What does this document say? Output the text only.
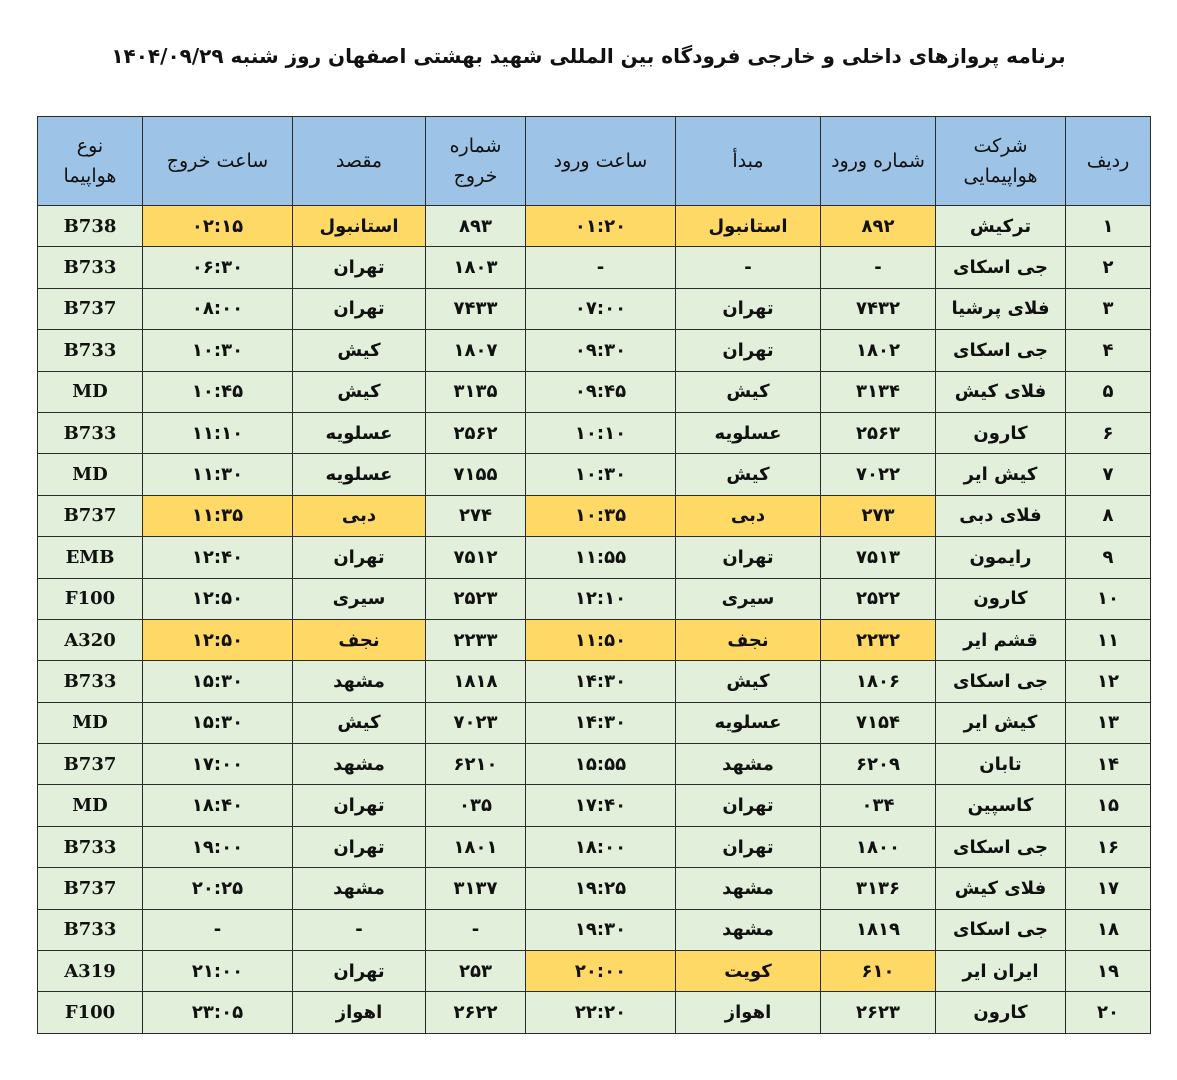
برنامه پروازهای داخلی و خارجی فرودگاه بین المللی شهید بهشتی اصفهان روز شنبه ۱۴۰۴/۰۹/۲۹
ردیف	شرکت
هواپیمایی	شماره ورود	مبدأ	ساعت ورود	شماره
خروج	مقصد	ساعت خروج	نوع
هواپیما
۱	ترکیش	۸۹۲	استانبول	۰۱:۲۰	۸۹۳	استانبول	۰۲:۱۵	B738
۲	جی اسکای	-	-	-	۱۸۰۳	تهران	۰۶:۳۰	B733
۳	فلای پرشیا	۷۴۳۲	تهران	۰۷:۰۰	۷۴۳۳	تهران	۰۸:۰۰	B737
۴	جی اسکای	۱۸۰۲	تهران	۰۹:۳۰	۱۸۰۷	کیش	۱۰:۳۰	B733
۵	فلای کیش	۳۱۳۴	کیش	۰۹:۴۵	۳۱۳۵	کیش	۱۰:۴۵	MD
۶	کارون	۲۵۶۳	عسلویه	۱۰:۱۰	۲۵۶۲	عسلویه	۱۱:۱۰	B733
۷	کیش ایر	۷۰۲۲	کیش	۱۰:۳۰	۷۱۵۵	عسلویه	۱۱:۳۰	MD
۸	فلای دبی	۲۷۳	دبی	۱۰:۳۵	۲۷۴	دبی	۱۱:۳۵	B737
۹	رایمون	۷۵۱۳	تهران	۱۱:۵۵	۷۵۱۲	تهران	۱۲:۴۰	EMB
۱۰	کارون	۲۵۲۲	سیری	۱۲:۱۰	۲۵۲۳	سیری	۱۲:۵۰	F100
۱۱	قشم ایر	۲۲۳۲	نجف	۱۱:۵۰	۲۲۳۳	نجف	۱۲:۵۰	A320
۱۲	جی اسکای	۱۸۰۶	کیش	۱۴:۳۰	۱۸۱۸	مشهد	۱۵:۳۰	B733
۱۳	کیش ایر	۷۱۵۴	عسلویه	۱۴:۳۰	۷۰۲۳	کیش	۱۵:۳۰	MD
۱۴	تابان	۶۲۰۹	مشهد	۱۵:۵۵	۶۲۱۰	مشهد	۱۷:۰۰	B737
۱۵	کاسپین	۰۳۴	تهران	۱۷:۴۰	۰۳۵	تهران	۱۸:۴۰	MD
۱۶	جی اسکای	۱۸۰۰	تهران	۱۸:۰۰	۱۸۰۱	تهران	۱۹:۰۰	B733
۱۷	فلای کیش	۳۱۳۶	مشهد	۱۹:۲۵	۳۱۳۷	مشهد	۲۰:۲۵	B737
۱۸	جی اسکای	۱۸۱۹	مشهد	۱۹:۳۰	-	-	-	B733
۱۹	ایران ایر	۶۱۰	کویت	۲۰:۰۰	۲۵۳	تهران	۲۱:۰۰	A319
۲۰	کارون	۲۶۲۳	اهواز	۲۲:۲۰	۲۶۲۲	اهواز	۲۳:۰۵	F100
